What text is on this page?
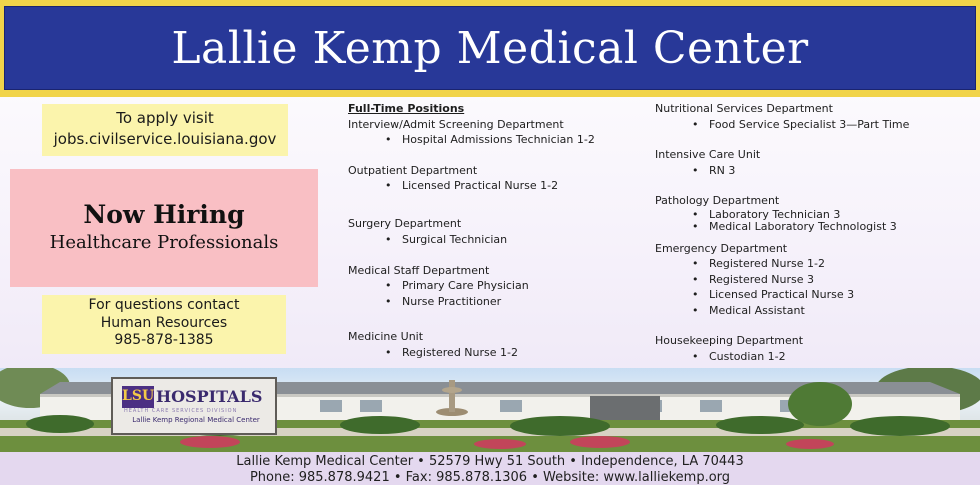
Lallie Kemp Medical Center
To apply visit
jobs.civilservice.louisiana.gov
Now Hiring
Healthcare Professionals
For questions contact
Human Resources
985-878-1385
Full-Time Positions
Interview/Admit Screening Department
• Hospital Admissions Technician 1-2
Outpatient Department
• Licensed Practical Nurse 1-2
Surgery Department
• Surgical Technician
Medical Staff Department
• Primary Care Physician
• Nurse Practitioner
Medicine Unit
• Registered Nurse 1-2
Nutritional Services Department
• Food Service Specialist 3—Part Time
Intensive Care Unit
• RN 3
Pathology Department
• Laboratory Technician 3
• Medical Laboratory Technologist 3
Emergency Department
• Registered Nurse 1-2
• Registered Nurse 3
• Licensed Practical Nurse 3
• Medical Assistant
Housekeeping Department
• Custodian 1-2
LSU HOSPITALS
HEALTH CARE SERVICES DIVISION
Lallie Kemp Regional Medical Center
Lallie Kemp Medical Center • 52579 Hwy 51 South • Independence, LA 70443
Phone: 985.878.9421 • Fax: 985.878.1306 • Website: www.lalliekemp.org
